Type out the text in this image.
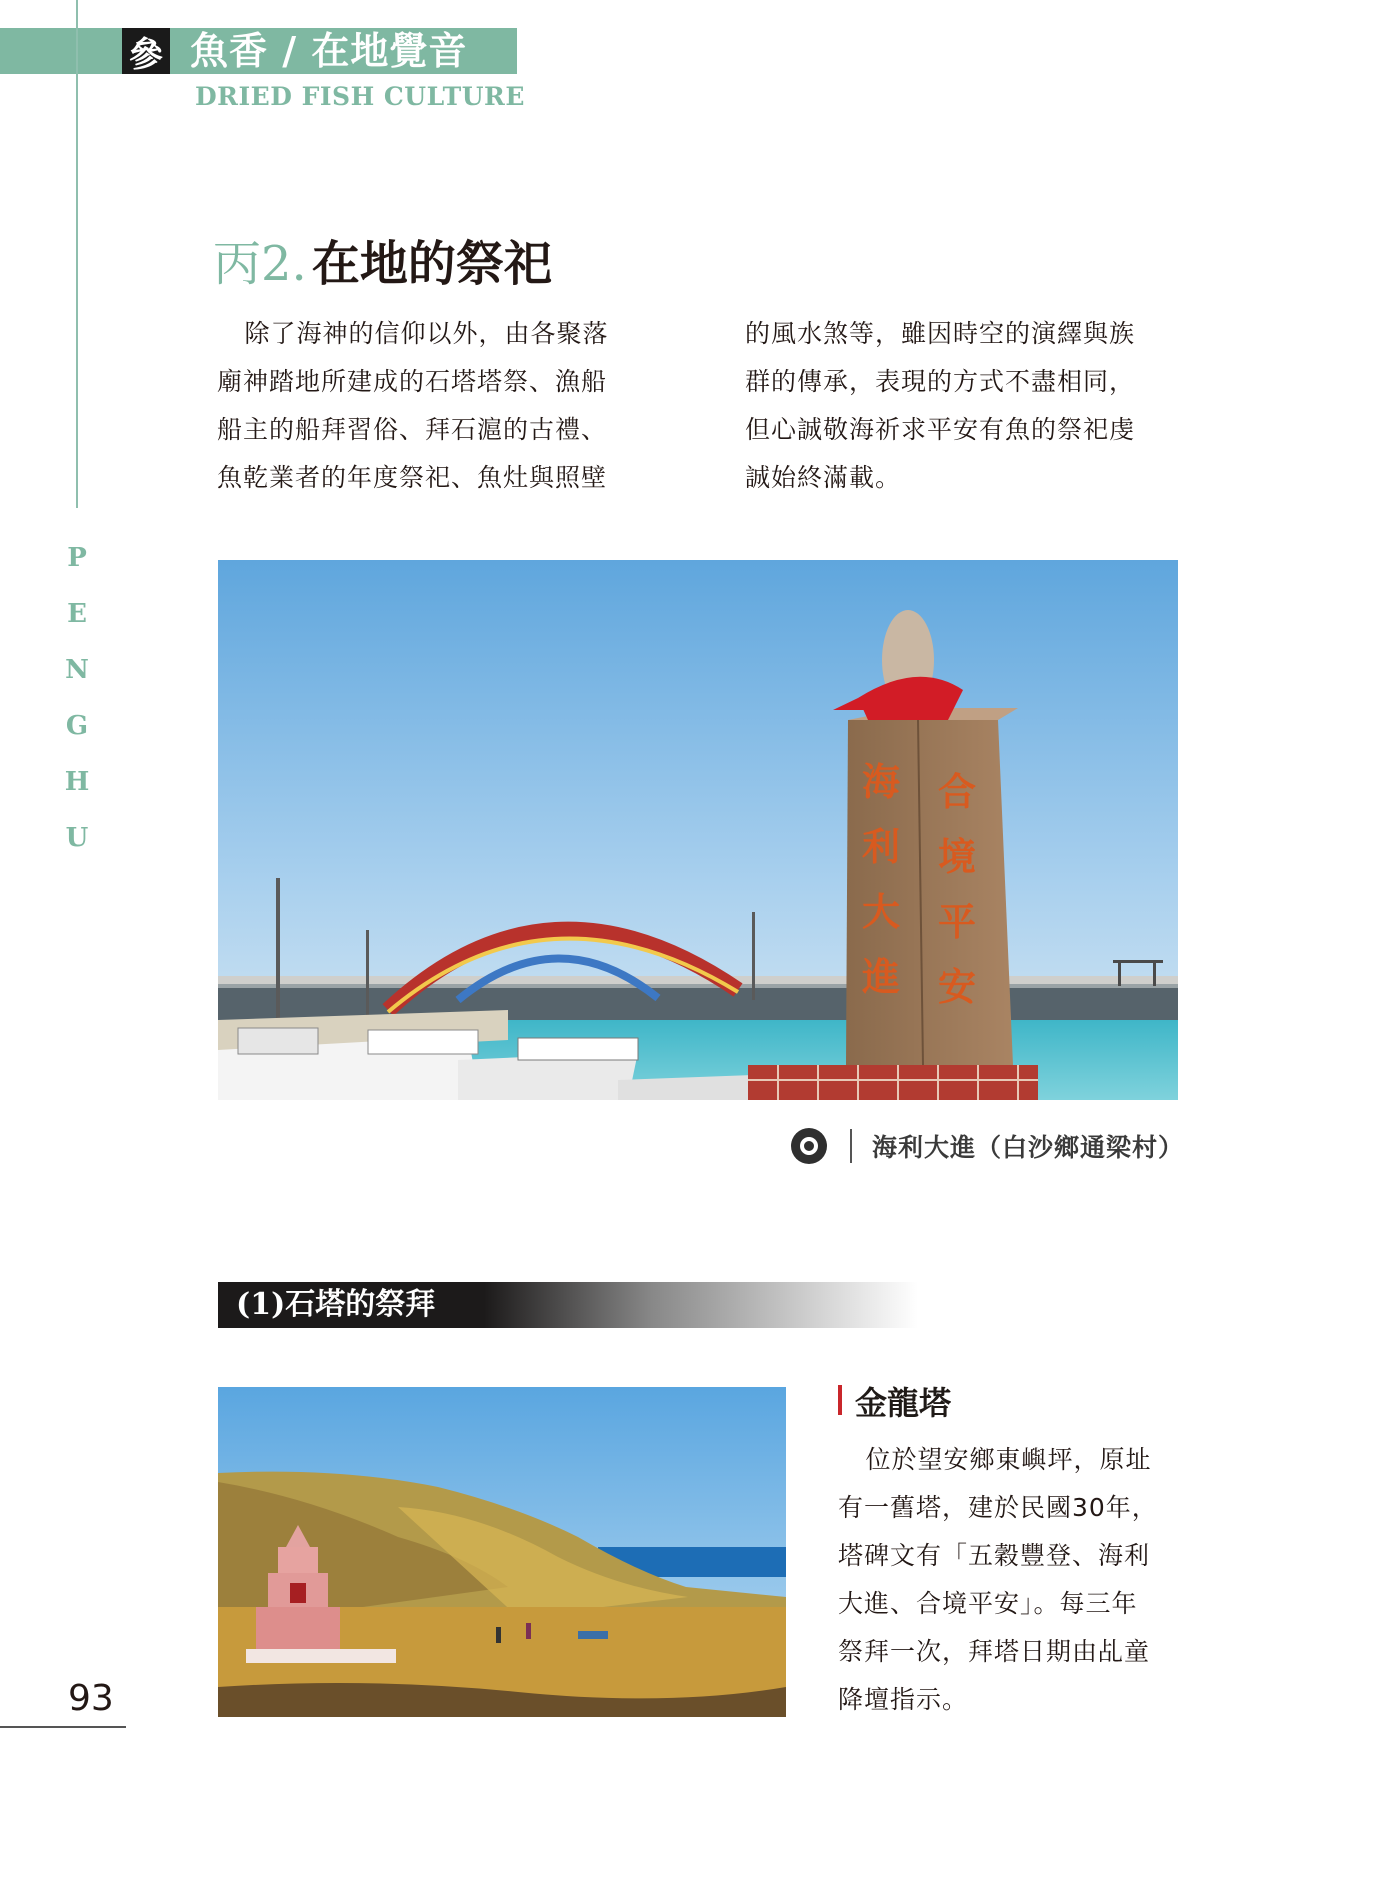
參 魚香 / 在地覺音
DRIED FISH CULTURE
P
E
N
G
H
U
丙2. 在地的祭祀

除了海神的信仰以外，由各聚落

廟神踏地所建成的石塔塔祭、漁船

船主的船拜習俗、拜石滬的古禮、

魚乾業者的年度祭祀、魚灶與照壁

的風水煞等，雖因時空的演繹與族

群的傳承，表現的方式不盡相同，

但心誠敬海祈求平安有魚的祭祀虔

誠始終滿載。

海
利
大
進
合
境
平
安
海利大進（白沙鄉通梁村）
(1)石塔的祭拜
金龍塔

位於望安鄉東嶼坪，原址

有一舊塔，建於民國30年，

塔碑文有「五穀豐登、海利

大進、合境平安」。每三年

祭拜一次，拜塔日期由乩童

降壇指示。

93
